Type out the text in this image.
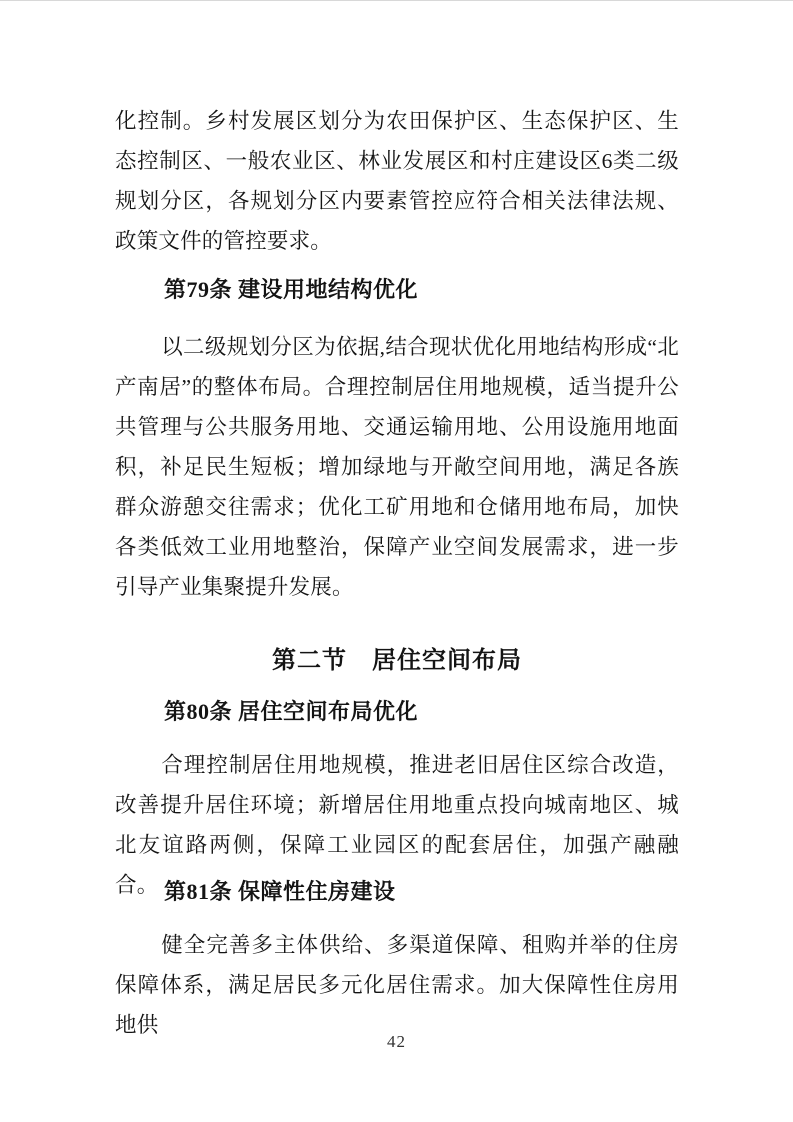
化控制。乡村发展区划分为农田保护区、生态保护区、生态控制区、一般农业区、林业发展区和村庄建设区6类二级规划分区，各规划分区内要素管控应符合相关法律法规、政策文件的管控要求。

第79条 建设用地结构优化

以二级规划分区为依据,结合现状优化用地结构形成“北产南居”的整体布局。合理控制居住用地规模，适当提升公共管理与公共服务用地、交通运输用地、公用设施用地面积，补足民生短板；增加绿地与开敞空间用地，满足各族群众游憩交往需求；优化工矿用地和仓储用地布局，加快各类低效工业用地整治，保障产业空间发展需求，进一步引导产业集聚提升发展。

第二节　居住空间布局
第80条 居住空间布局优化

合理控制居住用地规模，推进老旧居住区综合改造，改善提升居住环境；新增居住用地重点投向城南地区、城北友谊路两侧，保障工业园区的配套居住，加强产融融合。 第81条 保障性住房建设

健全完善多主体供给、多渠道保障、租购并举的住房保障体系，满足居民多元化居住需求。加大保障性住房用地供

42
